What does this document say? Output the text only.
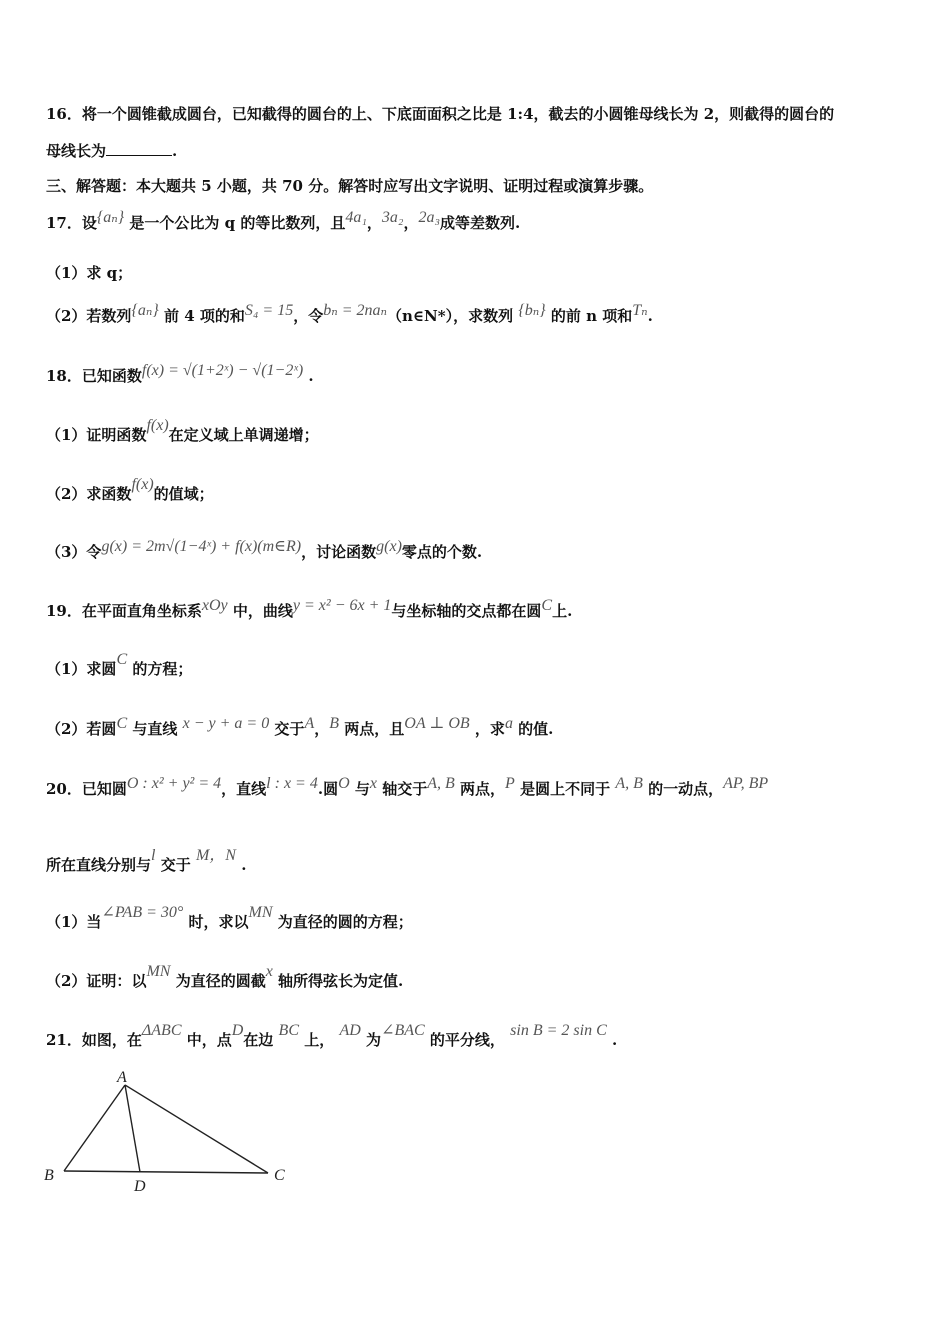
16．将一个圆锥截成圆台，已知截得的圆台的上、下底面面积之比是 1:4，截去的小圆锥母线长为 2，则截得的圆台的
母线长为	.
三、解答题：本大题共 5 小题，共 70 分。解答时应写出文字说明、证明过程或演算步骤。
17．设{aₙ} 是一个公比为 q 的等比数列，且4a₁，3a₂，2a₃成等差数列.
（1）求 q；
（2）若数列{aₙ} 前 4 项的和S₄ = 15，令bₙ = 2naₙ（n∈N*），求数列 {bₙ} 的前 n 项和Tₙ.
18．已知函数f(x) = √(1+2ˣ) − √(1−2ˣ) .
（1）证明函数f(x)在定义域上单调递增；
（2）求函数f(x)的值域；
（3）令g(x) = 2m√(1−4ˣ) + f(x)(m∈R)，讨论函数g(x)零点的个数.
19．在平面直角坐标系xOy 中，曲线y = x² − 6x + 1与坐标轴的交点都在圆C上.
（1）求圆C 的方程；
（2）若圆C 与直线 x − y + a = 0 交于A，B 两点，且OA ⊥ OB ，求a 的值.
20．已知圆O : x² + y² = 4，直线l : x = 4.圆O 与x 轴交于A, B 两点，P 是圆上不同于 A, B 的一动点，AP, BP
所在直线分别与l 交于 M，N .
（1）当∠PAB = 30° 时，求以MN 为直径的圆的方程；
（2）证明：以MN 为直径的圆截x 轴所得弦长为定值.
21．如图，在ΔABC 中，点D在边 BC 上， AD 为∠BAC 的平分线， sin B = 2 sin C .
A
B	C
D
